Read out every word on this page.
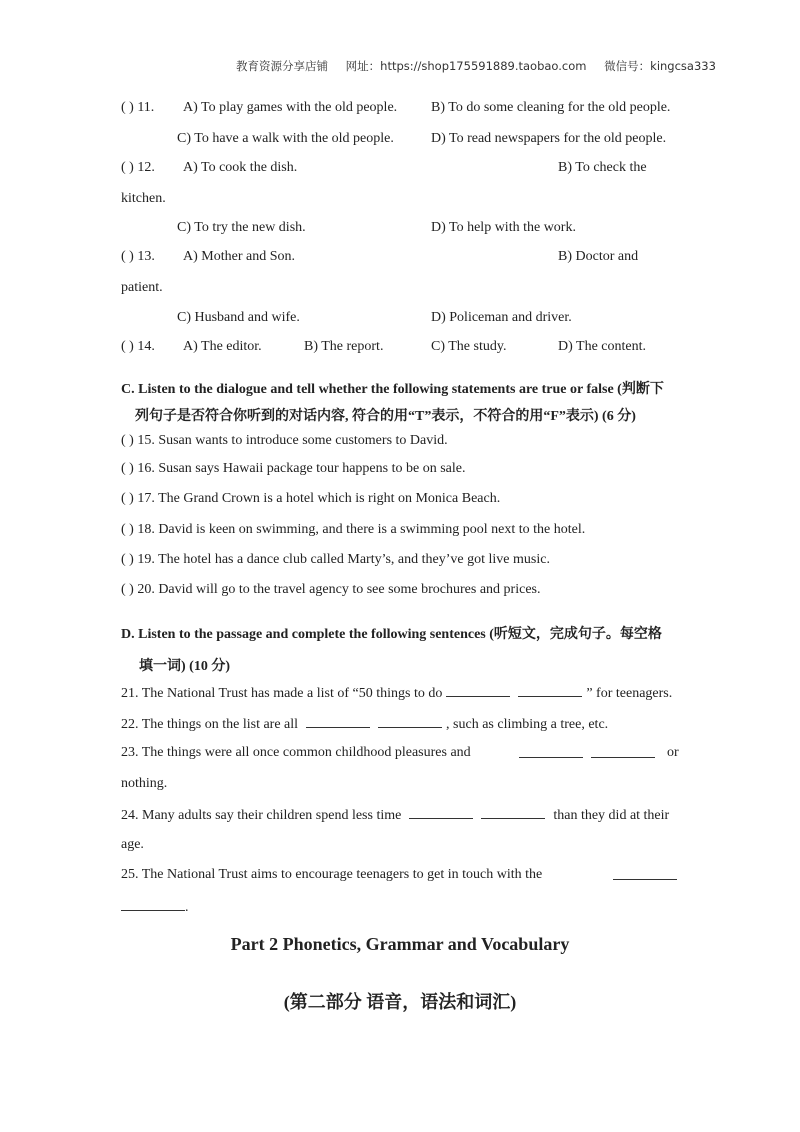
教育资源分享店铺 网址：https://shop175591889.taobao.com 微信号：kingcsa333
( ) 11. A) To play games with the old people. B) To do some cleaning for the old people.
C) To have a walk with the old people.	D) To read newspapers for the old people.
( ) 12. A) To cook the dish.	B) To check the
kitchen.
C) To try the new dish.	D) To help with the work.
( ) 13. A) Mother and Son.	B) Doctor and
patient.
C) Husband and wife.	D) Policeman and driver.
( ) 14. A) The editor.	B) The report.	C) The study.	D) The content.
C. Listen to the dialogue and tell whether the following statements are true or false (判断下
列句子是否符合你听到的对话内容, 符合的用“T”表示，不符合的用“F”表示) (6 分)
( ) 15. Susan wants to introduce some customers to David.
( ) 16. Susan says Hawaii package tour happens to be on sale.
( ) 17. The Grand Crown is a hotel which is right on Monica Beach.
( ) 18. David is keen on swimming, and there is a swimming pool next to the hotel.
( ) 19. The hotel has a dance club called Marty’s, and they’ve got live music.
( ) 20. David will go to the travel agency to see some brochures and prices.
D. Listen to the passage and complete the following sentences (听短文，完成句子。每空格
填一词) (10 分)
21. The National Trust has made a list of “50 things to do	” for teenagers.
22. The things on the list are all	, such as climbing a tree, etc.
23. The things were all once common childhood pleasures and	or
nothing.
24. Many adults say their children spend less time	than they did at their
age.
25. The National Trust aims to encourage teenagers to get in touch with the
.
Part 2 Phonetics, Grammar and Vocabulary
(第二部分 语音，语法和词汇)
